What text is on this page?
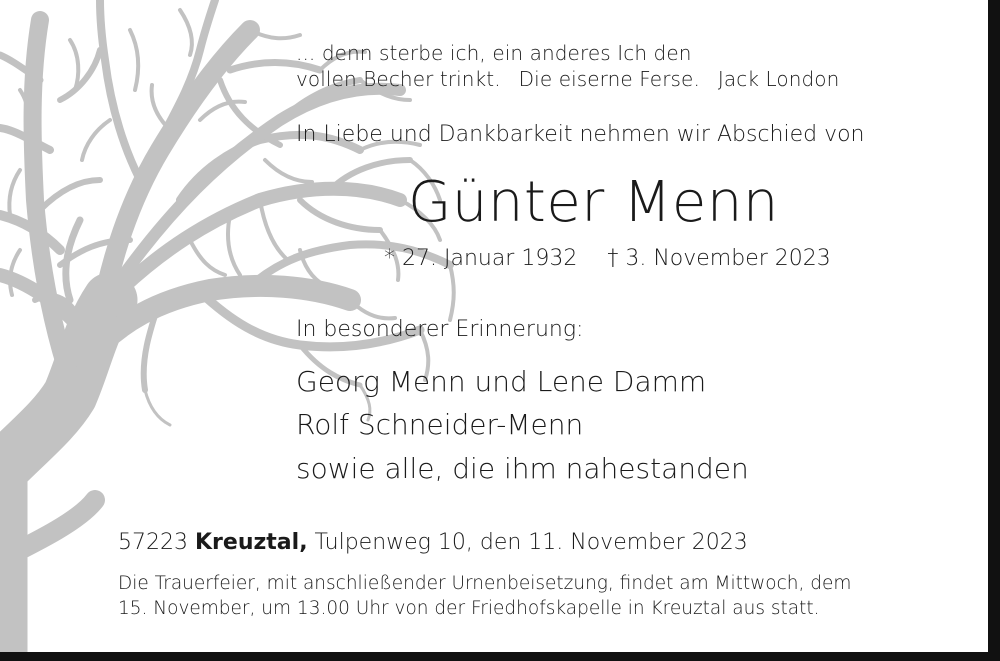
... denn sterbe ich, ein anderes Ich den
vollen Becher trinkt. Die eiserne Ferse. Jack London
In Liebe und Dankbarkeit nehmen wir Abschied von
Günter Menn
* 27. Januar 1932 † 3. November 2023
In besonderer Erinnerung:
Georg Menn und Lene Damm
Rolf Schneider-Menn
sowie alle, die ihm nahestanden
57223 Kreuztal, Tulpenweg 10, den 11. November 2023
Die Trauerfeier, mit anschließender Urnenbeisetzung, findet am Mittwoch, dem
15. November, um 13.00 Uhr von der Friedhofskapelle in Kreuztal aus statt.
